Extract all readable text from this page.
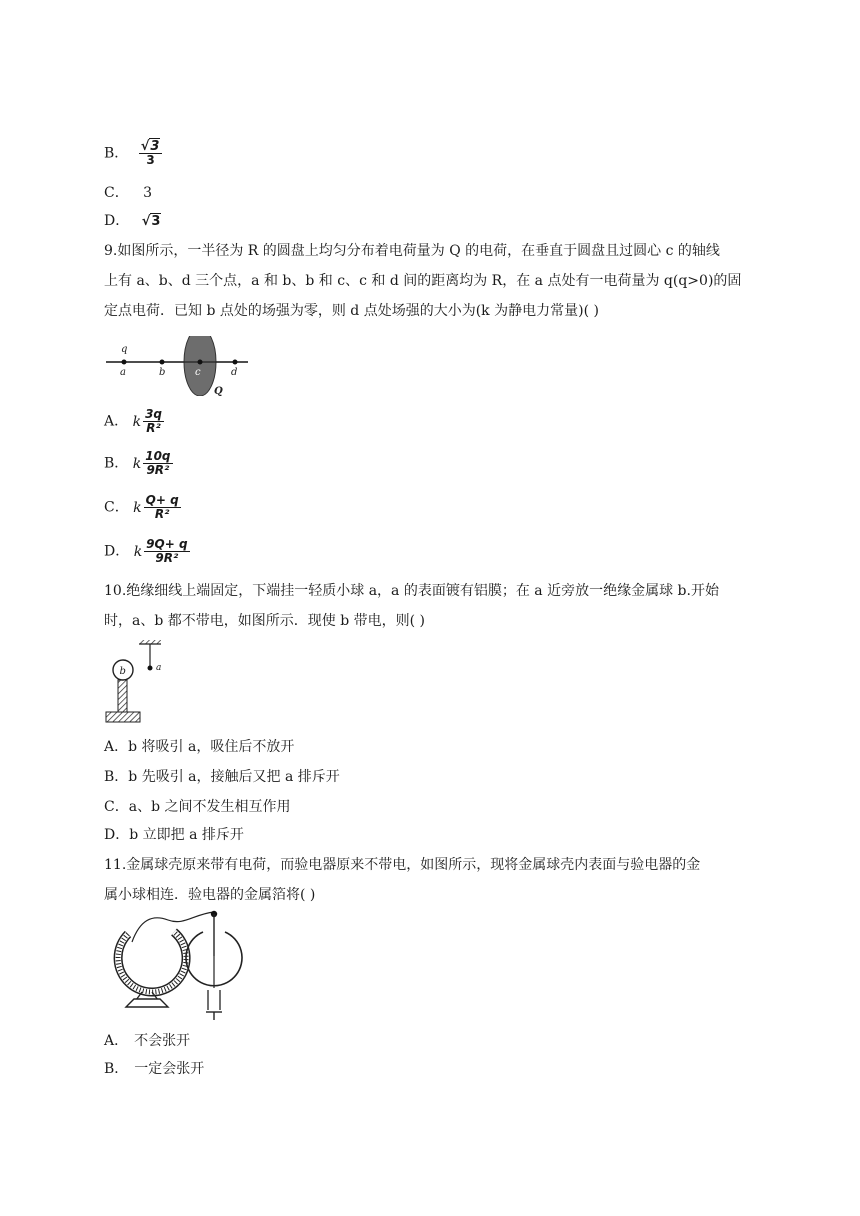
B． $\frac{√3}{3}$
C． 3
D． √3
9.如图所示，一半径为 R 的圆盘上均匀分布着电荷量为 Q 的电荷，在垂直于圆盘且过圆心 c 的轴线
上有 a、b、d 三个点，a 和 b、b 和 c、c 和 d 间的距离均为 R，在 a 点处有一电荷量为 q(q>0)的固
定点电荷．已知 b 点处的场强为零，则 d 点处场强的大小为(k 为静电力常量)( )
q
a	b	c	d
Q
A． k $\frac{3q}{\text{R²}}$
B． k $\frac{10q}{\text{9R²}}$
C． k $\frac{Q+ q}{\text{R²}}$
D． k $\frac{9Q+ q}{\text{9R²}}$
10.绝缘细线上端固定，下端挂一轻质小球 a，a 的表面镀有铝膜；在 a 近旁放一绝缘金属球 b.开始
时，a、b 都不带电，如图所示．现使 b 带电，则( )
a
b
A．b 将吸引 a，吸住后不放开
B．b 先吸引 a，接触后又把 a 排斥开
C．a、b 之间不发生相互作用
D．b 立即把 a 排斥开
11.金属球壳原来带有电荷，而验电器原来不带电，如图所示，现将金属球壳内表面与验电器的金
属小球相连．验电器的金属箔将( )
A． 不会张开
B． 一定会张开
